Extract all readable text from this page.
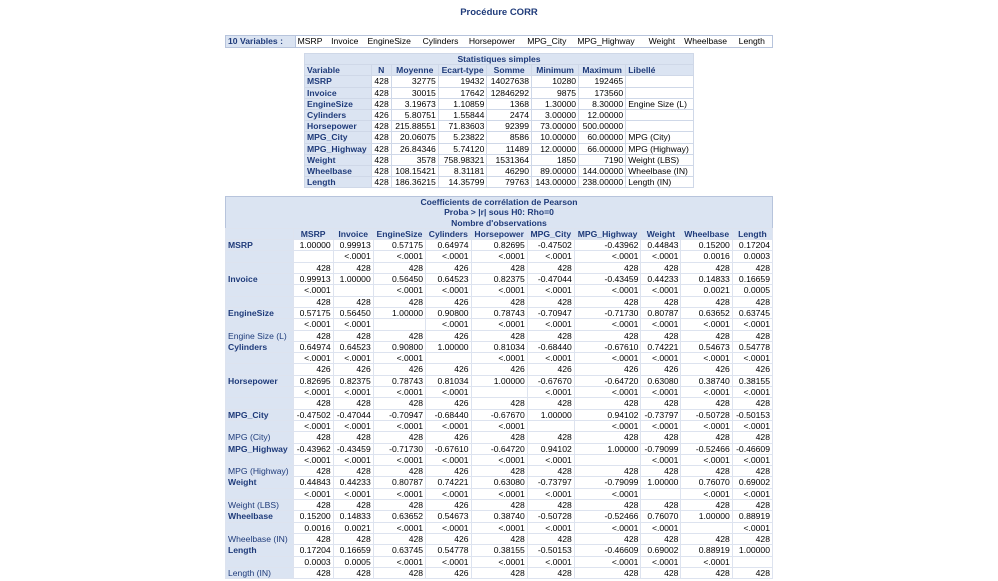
Procédure CORR
10 Variables :	MSRP	Invoice	EngineSize	Cylinders	Horsepower	MPG_City	MPG_Highway	Weight	Wheelbase	Length
Statistiques simples							
Variable	N	Moyenne	Ecart-type	Somme	Minimum	Maximum	Libellé
MSRP	428	32775	19432	14027638	10280	192465	
Invoice	428	30015	17642	12846292	9875	173560	
EngineSize	428	3.19673	1.10859	1368	1.30000	8.30000	Engine Size (L)
Cylinders	426	5.80751	1.55844	2474	3.00000	12.00000	
Horsepower	428	215.88551	71.83603	92399	73.00000	500.00000	
MPG_City	428	20.06075	5.23822	8586	10.00000	60.00000	MPG (City)
MPG_Highway	428	26.84346	5.74120	11489	12.00000	66.00000	MPG (Highway)
Weight	428	3578	758.98321	1531364	1850	7190	Weight (LBS)
Wheelbase	428	108.15421	8.31181	46290	89.00000	144.00000	Wheelbase (IN)
Length	428	186.36215	14.35799	79763	143.00000	238.00000	Length (IN)
Coefficients de corrélation de Pearson										
Proba > |r| sous H0: Rho=0										
Nombre d'observations										
	MSRP	Invoice	EngineSize	Cylinders	Horsepower	MPG_City	MPG_Highway	Weight	Wheelbase	Length
MSRP	1.00000	0.99913	0.57175	0.64974	0.82695	-0.47502	-0.43962	0.44843	0.15200	0.17204
		<.0001	<.0001	<.0001	<.0001	<.0001	<.0001	<.0001	0.0016	0.0003
	428	428	428	426	428	428	428	428	428	428
Invoice	0.99913	1.00000	0.56450	0.64523	0.82375	-0.47044	-0.43459	0.44233	0.14833	0.16659
	<.0001		<.0001	<.0001	<.0001	<.0001	<.0001	<.0001	0.0021	0.0005
	428	428	428	426	428	428	428	428	428	428
EngineSize	0.57175	0.56450	1.00000	0.90800	0.78743	-0.70947	-0.71730	0.80787	0.63652	0.63745
	<.0001	<.0001		<.0001	<.0001	<.0001	<.0001	<.0001	<.0001	<.0001
Engine Size (L)	428	428	428	426	428	428	428	428	428	428
Cylinders	0.64974	0.64523	0.90800	1.00000	0.81034	-0.68440	-0.67610	0.74221	0.54673	0.54778
	<.0001	<.0001	<.0001		<.0001	<.0001	<.0001	<.0001	<.0001	<.0001
	426	426	426	426	426	426	426	426	426	426
Horsepower	0.82695	0.82375	0.78743	0.81034	1.00000	-0.67670	-0.64720	0.63080	0.38740	0.38155
	<.0001	<.0001	<.0001	<.0001		<.0001	<.0001	<.0001	<.0001	<.0001
	428	428	428	426	428	428	428	428	428	428
MPG_City	-0.47502	-0.47044	-0.70947	-0.68440	-0.67670	1.00000	0.94102	-0.73797	-0.50728	-0.50153
	<.0001	<.0001	<.0001	<.0001	<.0001		<.0001	<.0001	<.0001	<.0001
MPG (City)	428	428	428	426	428	428	428	428	428	428
MPG_Highway	-0.43962	-0.43459	-0.71730	-0.67610	-0.64720	0.94102	1.00000	-0.79099	-0.52466	-0.46609
	<.0001	<.0001	<.0001	<.0001	<.0001	<.0001		<.0001	<.0001	<.0001
MPG (Highway)	428	428	428	426	428	428	428	428	428	428
Weight	0.44843	0.44233	0.80787	0.74221	0.63080	-0.73797	-0.79099	1.00000	0.76070	0.69002
	<.0001	<.0001	<.0001	<.0001	<.0001	<.0001	<.0001		<.0001	<.0001
Weight (LBS)	428	428	428	426	428	428	428	428	428	428
Wheelbase	0.15200	0.14833	0.63652	0.54673	0.38740	-0.50728	-0.52466	0.76070	1.00000	0.88919
	0.0016	0.0021	<.0001	<.0001	<.0001	<.0001	<.0001	<.0001		<.0001
Wheelbase (IN)	428	428	428	426	428	428	428	428	428	428
Length	0.17204	0.16659	0.63745	0.54778	0.38155	-0.50153	-0.46609	0.69002	0.88919	1.00000
	0.0003	0.0005	<.0001	<.0001	<.0001	<.0001	<.0001	<.0001	<.0001	
Length (IN)	428	428	428	426	428	428	428	428	428	428
